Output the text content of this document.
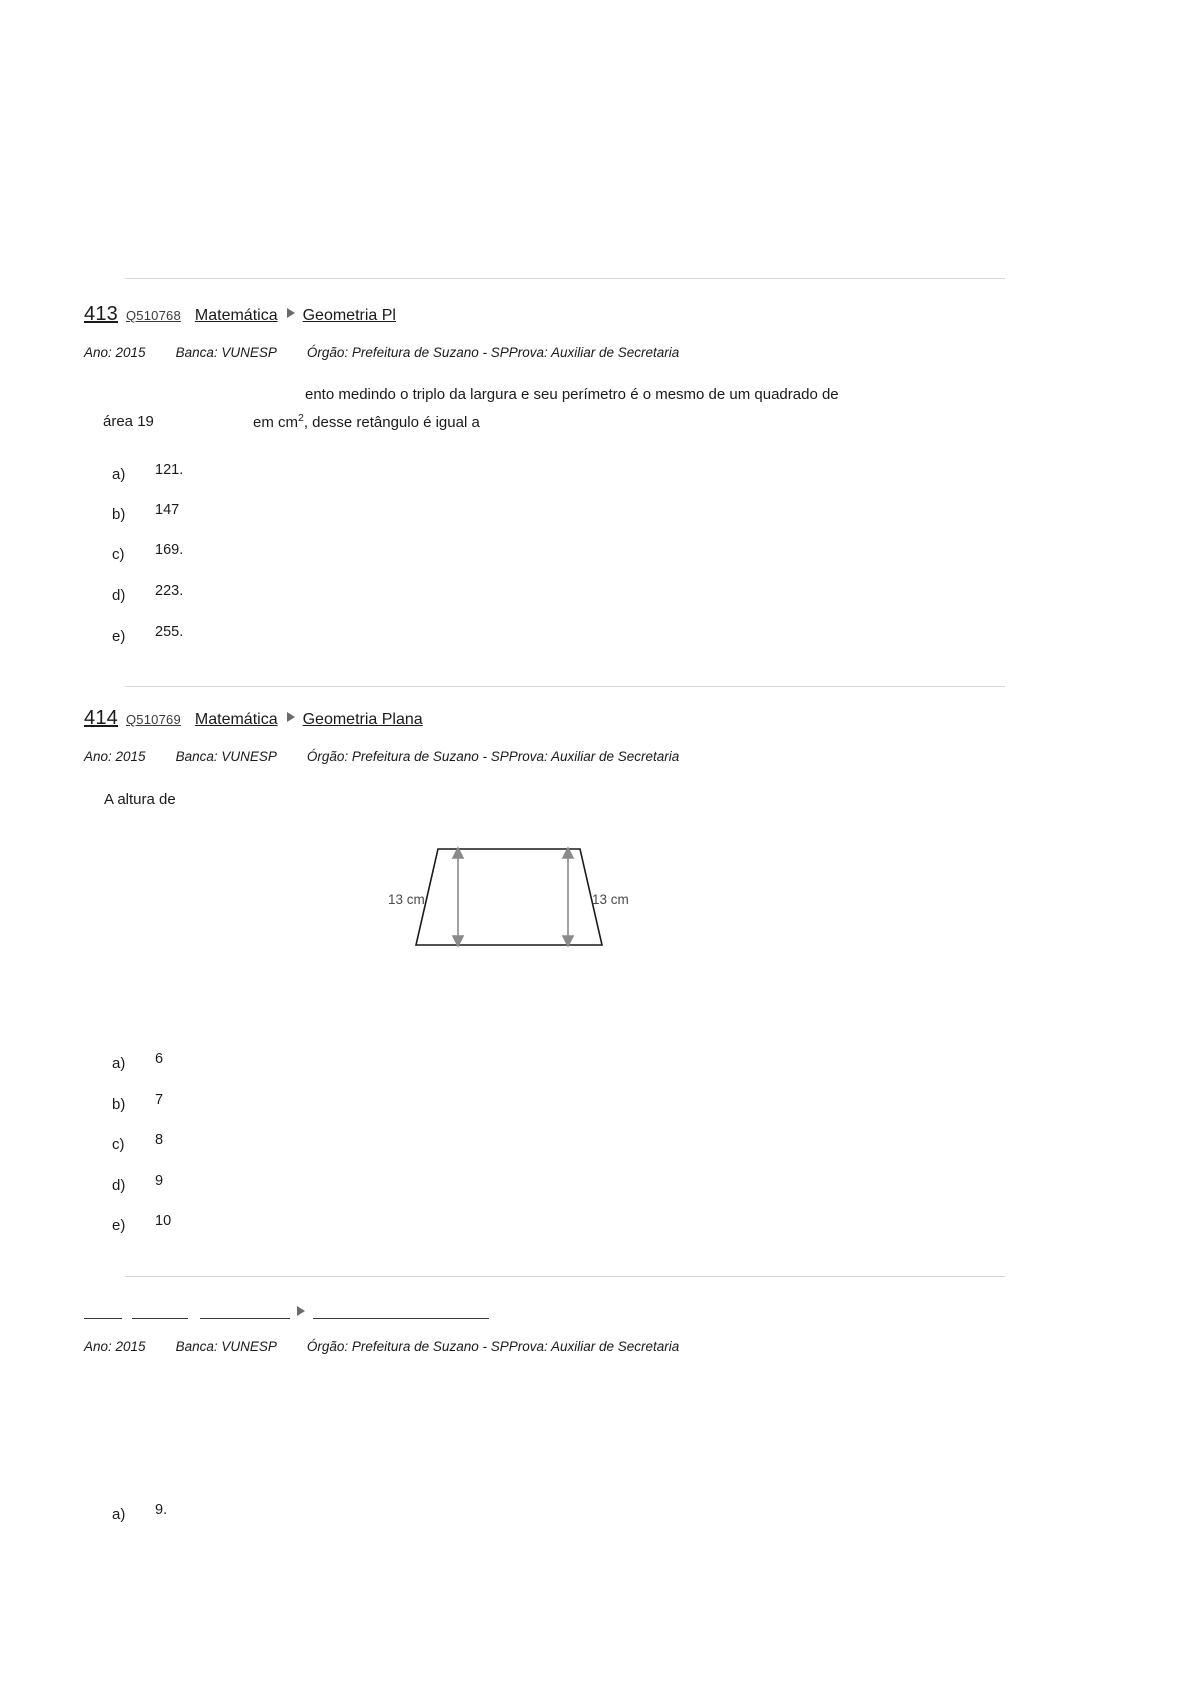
413 Q510768 Matemática Geometria Pl
Ano: 2015 Banca: VUNESP Órgão: Prefeitura de Suzano - SPProva: Auxiliar de Secretaria
ento medindo o triplo da largura e seu perímetro é o mesmo de um quadrado de
área 19	em $cm^2$, desse retângulo é igual a
a) 121.
b) 147
c) 169.
d) 223.
e) 255.
414 Q510769 Matemática Geometria Plana
Ano: 2015 Banca: VUNESP Órgão: Prefeitura de Suzano - SPProva: Auxiliar de Secretaria
A altura de
13 cm	13 cm
a) 6
b) 7
c) 8
d) 9
e) 10
Ano: 2015 Banca: VUNESP Órgão: Prefeitura de Suzano - SPProva: Auxiliar de Secretaria
a) 9.
